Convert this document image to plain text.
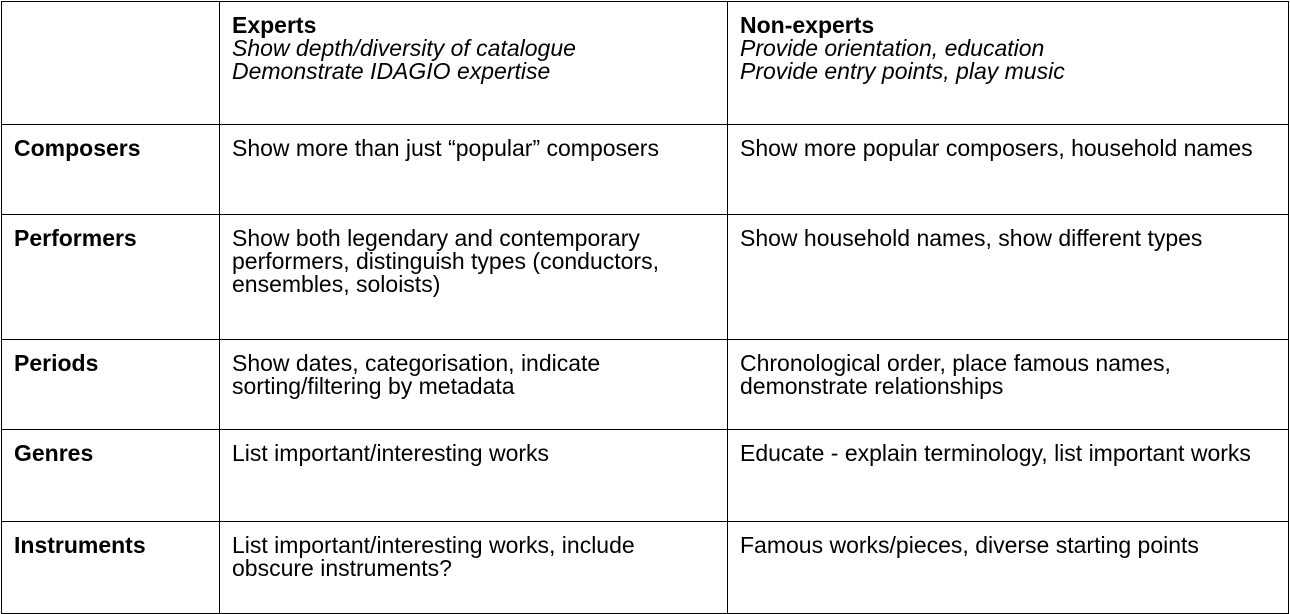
	Experts
Show depth/diversity of catalogue
Demonstrate IDAGIO expertise	Non-experts
Provide orientation, education
Provide entry points, play music

Composers	Show more than just “popular” composers	Show more popular composers, household names

Performers	Show both legendary and contemporary performers, distinguish types (conductors, ensembles, soloists)	Show household names, show different types

Periods	Show dates, categorisation, indicate sorting/filtering by metadata	Chronological order, place famous names, demonstrate relationships

Genres	List important/interesting works	Educate - explain terminology, list important works

Instruments	List important/interesting works, include obscure instruments?	Famous works/pieces, diverse starting points
